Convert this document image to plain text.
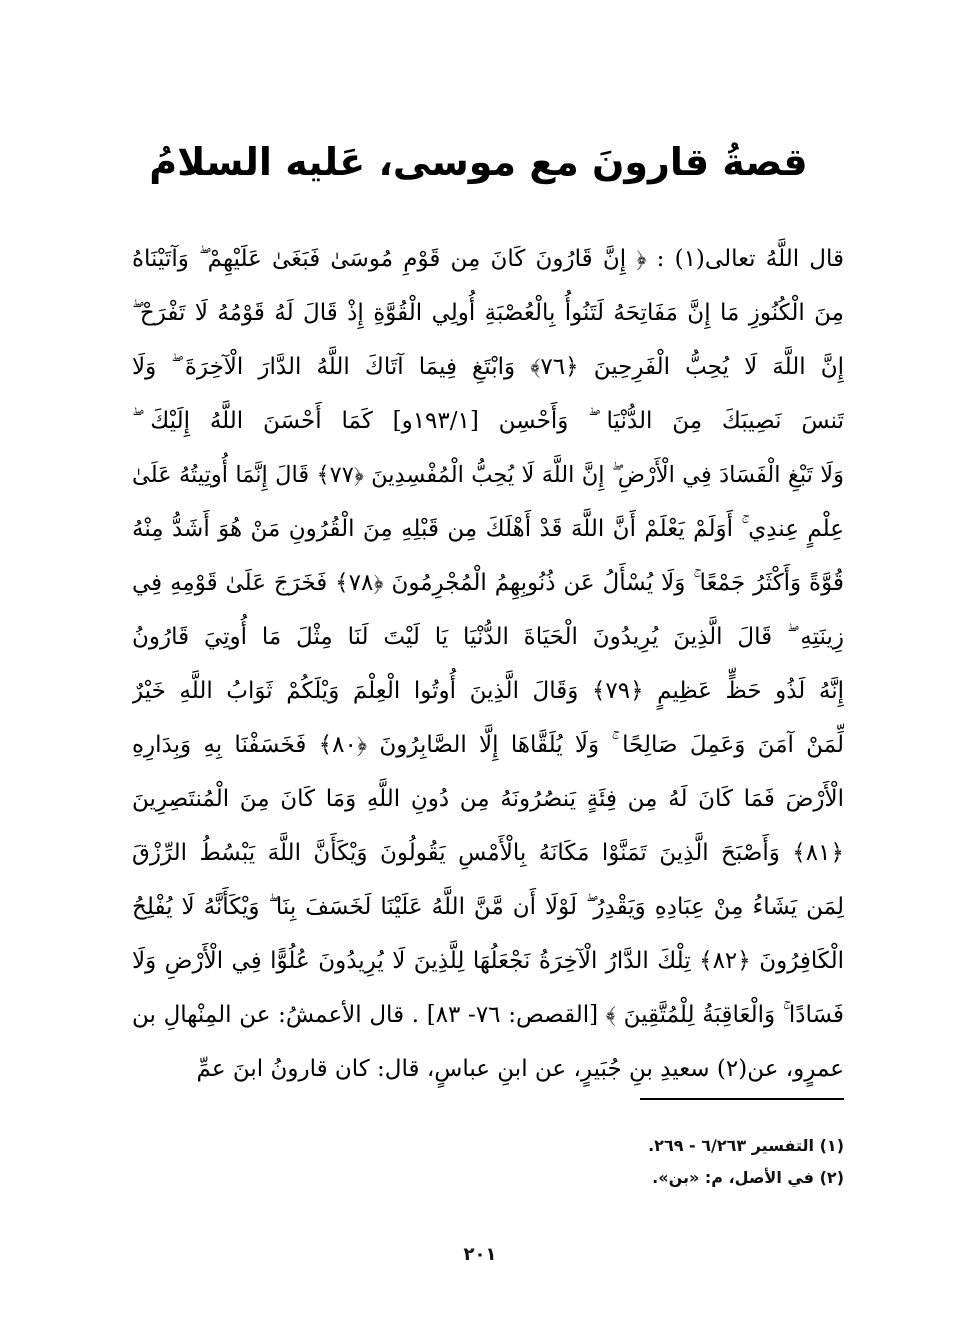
قصةُ قارونَ مع موسى، عَليه السلامُ
قال اللَّهُ تعالى(١) : ﴿ إِنَّ قَارُونَ كَانَ مِن قَوْمِ مُوسَىٰ فَبَغَىٰ عَلَيْهِمْ ۖ وَآتَيْنَاهُ
مِنَ الْكُنُوزِ مَا إِنَّ مَفَاتِحَهُ لَتَنُوأُ بِالْعُصْبَةِ أُولِي الْقُوَّةِ إِذْ قَالَ لَهُ قَوْمُهُ لَا تَفْرَحْ ۖ
إِنَّ اللَّهَ لَا يُحِبُّ الْفَرِحِينَ ﴿٧٦﴾ وَابْتَغِ فِيمَا آتَاكَ اللَّهُ الدَّارَ الْآخِرَةَ ۖ وَلَا
تَنسَ نَصِيبَكَ مِنَ الدُّنْيَا ۖ وَأَحْسِن [١٩٣/١و] كَمَا أَحْسَنَ اللَّهُ إِلَيْكَ ۖ
وَلَا تَبْغِ الْفَسَادَ فِي الْأَرْضِ ۖ إِنَّ اللَّهَ لَا يُحِبُّ الْمُفْسِدِينَ ﴿٧٧﴾ قَالَ إِنَّمَا أُوتِيتُهُ عَلَىٰ
عِلْمٍ عِندِي ۚ أَوَلَمْ يَعْلَمْ أَنَّ اللَّهَ قَدْ أَهْلَكَ مِن قَبْلِهِ مِنَ الْقُرُونِ مَنْ هُوَ أَشَدُّ مِنْهُ
قُوَّةً وَأَكْثَرُ جَمْعًا ۚ وَلَا يُسْأَلُ عَن ذُنُوبِهِمُ الْمُجْرِمُونَ ﴿٧٨﴾ فَخَرَجَ عَلَىٰ قَوْمِهِ فِي
زِينَتِهِ ۖ قَالَ الَّذِينَ يُرِيدُونَ الْحَيَاةَ الدُّنْيَا يَا لَيْتَ لَنَا مِثْلَ مَا أُوتِيَ قَارُونُ
إِنَّهُ لَذُو حَظٍّ عَظِيمٍ ﴿٧٩﴾ وَقَالَ الَّذِينَ أُوتُوا الْعِلْمَ وَيْلَكُمْ ثَوَابُ اللَّهِ خَيْرٌ
لِّمَنْ آمَنَ وَعَمِلَ صَالِحًا ۚ وَلَا يُلَقَّاهَا إِلَّا الصَّابِرُونَ ﴿٨٠﴾ فَخَسَفْنَا بِهِ وَبِدَارِهِ
الْأَرْضَ فَمَا كَانَ لَهُ مِن فِئَةٍ يَنصُرُونَهُ مِن دُونِ اللَّهِ وَمَا كَانَ مِنَ الْمُنتَصِرِينَ
﴿٨١﴾ وَأَصْبَحَ الَّذِينَ تَمَنَّوْا مَكَانَهُ بِالْأَمْسِ يَقُولُونَ وَيْكَأَنَّ اللَّهَ يَبْسُطُ الرِّزْقَ
لِمَن يَشَاءُ مِنْ عِبَادِهِ وَيَقْدِرُ ۖ لَوْلَا أَن مَّنَّ اللَّهُ عَلَيْنَا لَخَسَفَ بِنَا ۖ وَيْكَأَنَّهُ لَا يُفْلِحُ
الْكَافِرُونَ ﴿٨٢﴾ تِلْكَ الدَّارُ الْآخِرَةُ نَجْعَلُهَا لِلَّذِينَ لَا يُرِيدُونَ عُلُوًّا فِي الْأَرْضِ وَلَا
فَسَادًا ۚ وَالْعَاقِبَةُ لِلْمُتَّقِينَ ﴾ [القصص: ٧٦- ٨٣] . قال الأعمشُ: عن المِنْهالِ بن
عمرٍو، عن(٢) سعيدِ بنِ جُبَيرٍ، عن ابنِ عباسٍ، قال: كان قارونُ ابنَ عمِّ
(١) التفسير ٦/٢٦٣ - ٢٦٩.
(٢) في الأصل، م: «بن».
٢٠١
